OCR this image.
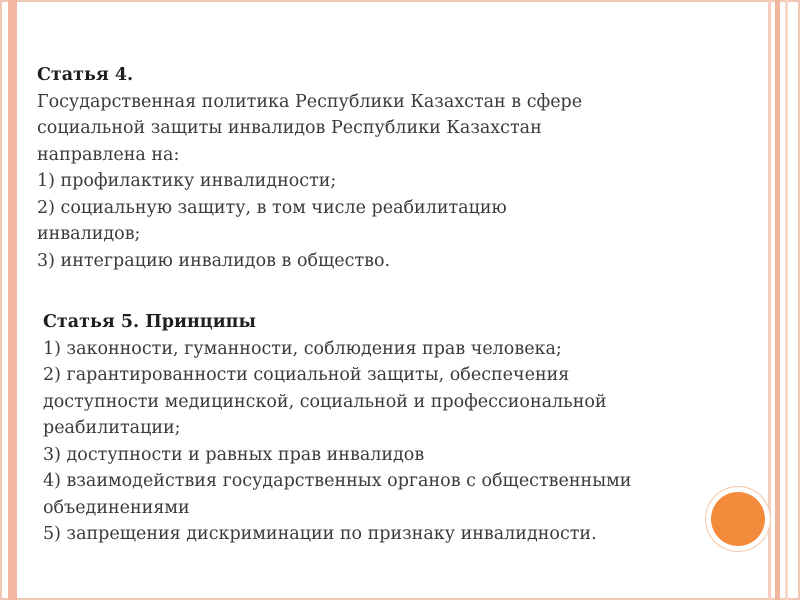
Статья 4.
Государственная политика Республики Казахстан в сфере
социальной защиты инвалидов Республики Казахстан
направлена на:
1) профилактику инвалидности;
2) социальную защиту, в том числе реабилитацию
инвалидов;
3) интеграцию инвалидов в общество.
Статья 5. Принципы
1) законности, гуманности, соблюдения прав человека;
2) гарантированности социальной защиты, обеспечения
доступности медицинской, социальной и профессиональной
реабилитации;
3) доступности и равных прав инвалидов
4) взаимодействия государственных органов с общественными
объединениями
5) запрещения дискриминации по признаку инвалидности.
